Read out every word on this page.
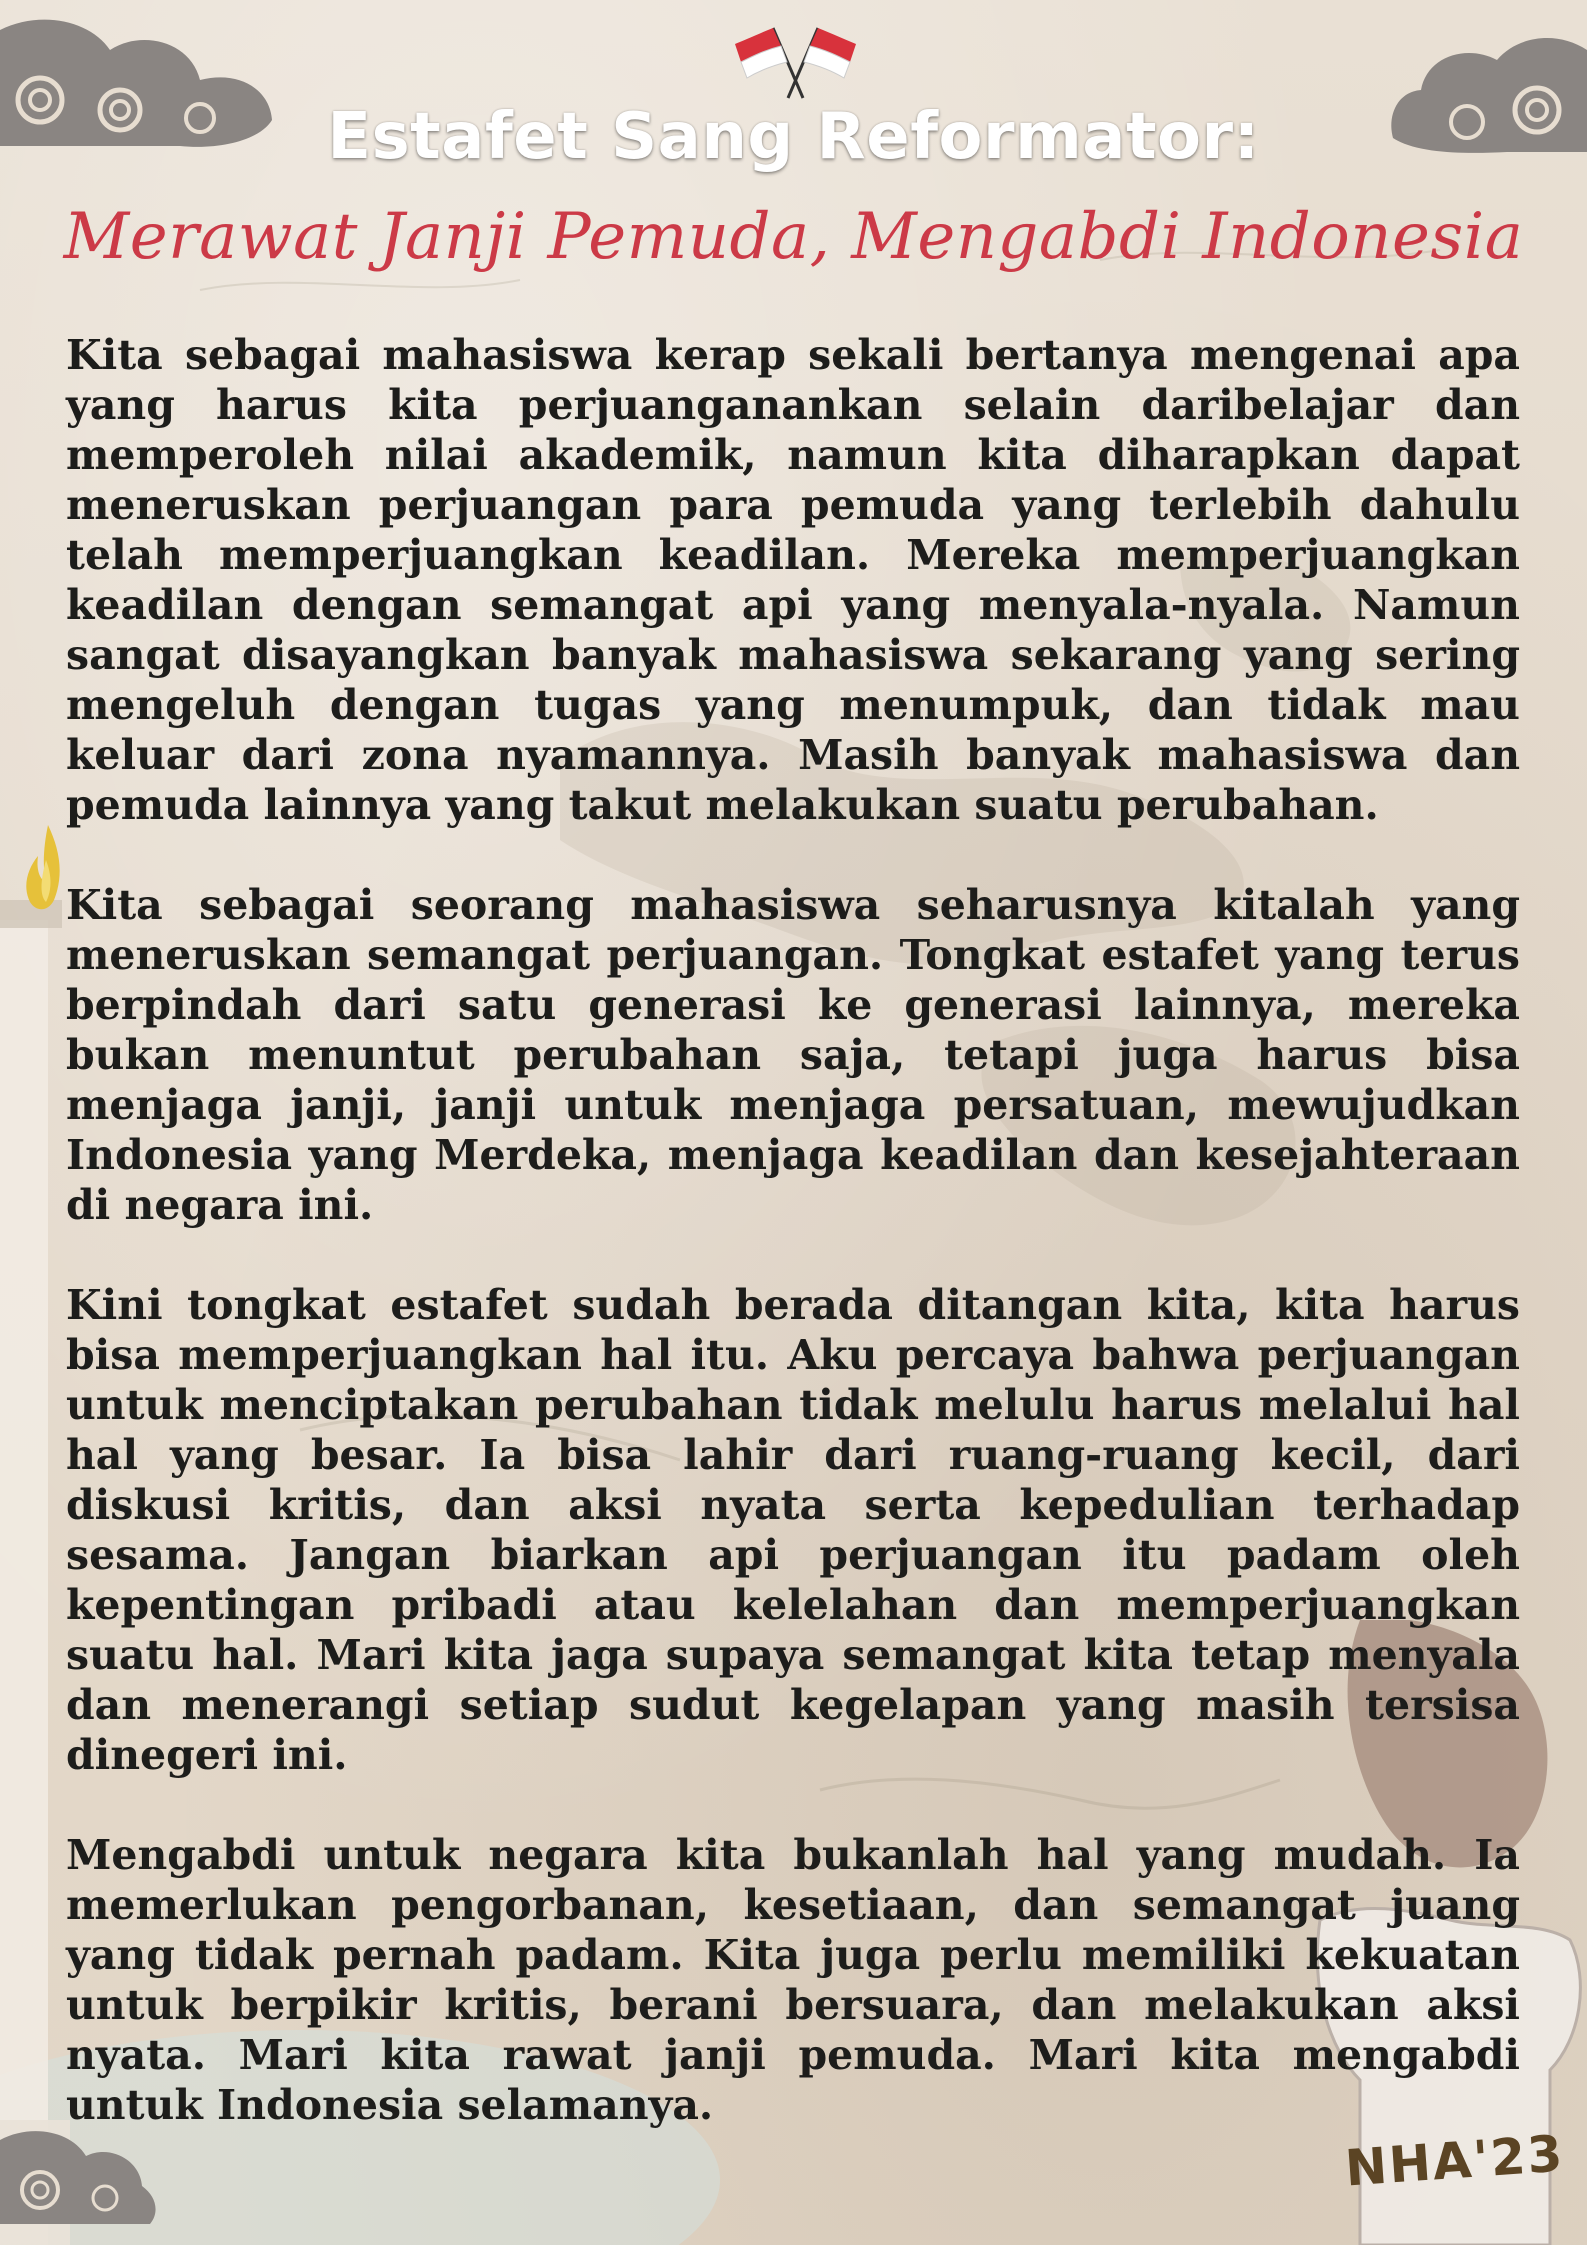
Estafet Sang Reformator:
Merawat Janji Pemuda, Mengabdi Indonesia

Kita sebagai mahasiswa kerap sekali bertanya mengenai apa yang harus kita perjuanganankan selain daribelajar dan memperoleh nilai akademik, namun kita diharapkan dapat meneruskan perjuangan para pemuda yang terlebih dahulu telah memperjuangkan keadilan. Mereka memperjuangkan keadilan dengan semangat api yang menyala-nyala. Namun sangat disayangkan banyak mahasiswa sekarang yang sering mengeluh dengan tugas yang menumpuk, dan tidak mau keluar dari zona nyamannya. Masih banyak mahasiswa dan pemuda lainnya yang takut melakukan suatu perubahan.

Kita sebagai seorang mahasiswa seharusnya kitalah yang meneruskan semangat perjuangan. Tongkat estafet yang terus berpindah dari satu generasi ke generasi lainnya, mereka bukan menuntut perubahan saja, tetapi juga harus bisa menjaga janji, janji untuk menjaga persatuan, mewujudkan Indonesia yang Merdeka, menjaga keadilan dan kesejahteraan di negara ini.

Kini tongkat estafet sudah berada ditangan kita, kita harus bisa memperjuangkan hal itu. Aku percaya bahwa perjuangan untuk menciptakan perubahan tidak melulu harus melalui hal hal yang besar. Ia bisa lahir dari ruang-ruang kecil, dari diskusi kritis, dan aksi nyata serta kepedulian terhadap sesama. Jangan biarkan api perjuangan itu padam oleh kepentingan pribadi atau kelelahan dan memperjuangkan suatu hal. Mari kita jaga supaya semangat kita tetap menyala dan menerangi setiap sudut kegelapan yang masih tersisa dinegeri ini.

Mengabdi untuk negara kita bukanlah hal yang mudah. Ia memerlukan pengorbanan, kesetiaan, dan semangat juang yang tidak pernah padam. Kita juga perlu memiliki kekuatan untuk berpikir kritis, berani bersuara, dan melakukan aksi nyata. Mari kita rawat janji pemuda. Mari kita mengabdi untuk Indonesia selamanya.

NHA'23
